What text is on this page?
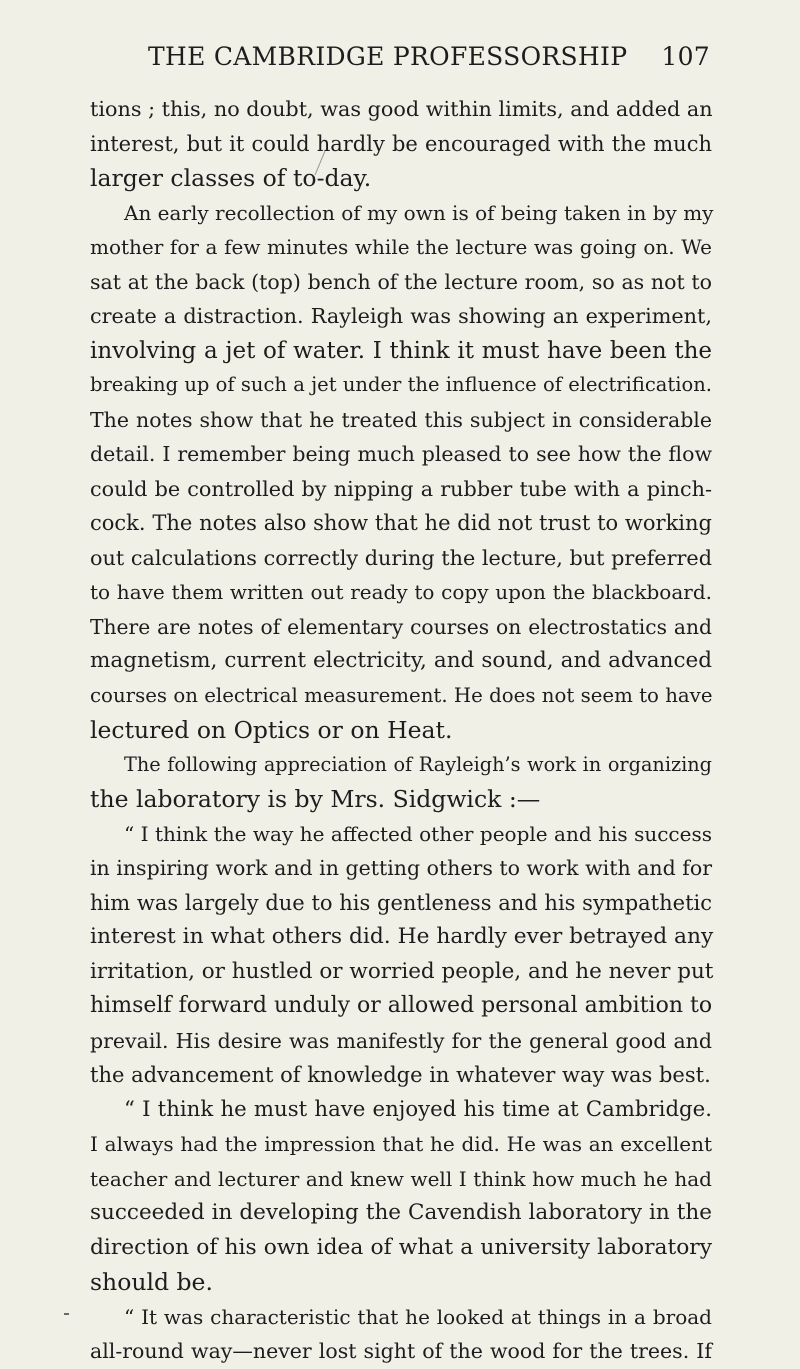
THE CAMBRIDGE PROFESSORSHIP 107
tions ; this, no doubt, was good within limits, and added an
interest, but it could hardly be encouraged with the much
larger classes of to-day.
An early recollection of my own is of being taken in by my
mother for a few minutes while the lecture was going on. We
sat at the back (top) bench of the lecture room, so as not to
create a distraction. Rayleigh was showing an experiment,
involving a jet of water. I think it must have been the
breaking up of such a jet under the influence of electrification.
The notes show that he treated this subject in considerable
detail. I remember being much pleased to see how the flow
could be controlled by nipping a rubber tube with a pinch-
cock. The notes also show that he did not trust to working
out calculations correctly during the lecture, but preferred
to have them written out ready to copy upon the blackboard.
There are notes of elementary courses on electrostatics and
magnetism, current electricity, and sound, and advanced
courses on electrical measurement. He does not seem to have
lectured on Optics or on Heat.
The following appreciation of Rayleigh’s work in organizing
the laboratory is by Mrs. Sidgwick :—
“ I think the way he affected other people and his success
in inspiring work and in getting others to work with and for
him was largely due to his gentleness and his sympathetic
interest in what others did. He hardly ever betrayed any
irritation, or hustled or worried people, and he never put
himself forward unduly or allowed personal ambition to
prevail. His desire was manifestly for the general good and
the advancement of knowledge in whatever way was best.
“ I think he must have enjoyed his time at Cambridge.
I always had the impression that he did. He was an excellent
teacher and lecturer and knew well I think how much he had
succeeded in developing the Cavendish laboratory in the
direction of his own idea of what a university laboratory
should be.
“ It was characteristic that he looked at things in a broad
all-round way—never lost sight of the wood for the trees. If
